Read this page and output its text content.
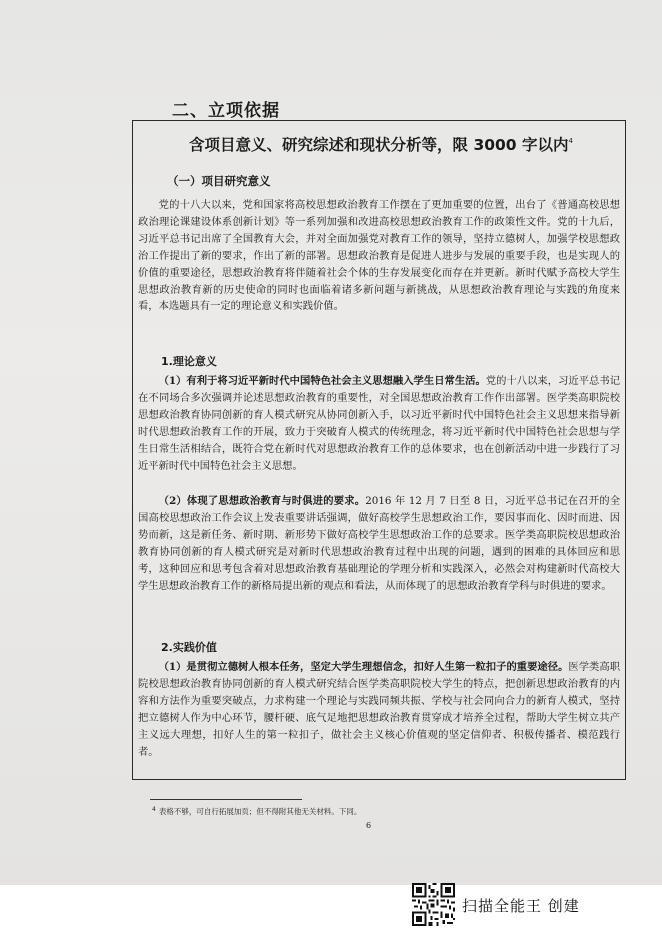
二、立项依据
含项目意义、研究综述和现状分析等，限 3000 字以内$^4$
（一）项目研究意义

党的十八大以来，党和国家将高校思想政治教育工作摆在了更加重要的位置，出台了《普通高校思想政治理论课建设体系创新计划》等一系列加强和改进高校思想政治教育工作的政策性文件。党的十九后，习近平总书记出席了全国教育大会，并对全面加强党对教育工作的领导，坚持立德树人，加强学校思想政治工作提出了新的要求，作出了新的部署。思想政治教育是促进人进步与发展的重要手段，也是实现人的价值的重要途径，思想政治教育将伴随着社会个体的生存发展变化而存在并更新。新时代赋予高校大学生思想政治教育新的历史使命的同时也面临着诸多新问题与新挑战，从思想政治教育理论与实践的角度来看，本选题具有一定的理论意义和实践价值。

1.理论意义

（1）有利于将习近平新时代中国特色社会主义思想融入学生日常生活。党的十八以来，习近平总书记在不同场合多次强调并论述思想政治教育的重要性，对全国思想政治教育工作作出部署。医学类高职院校思想政治教育协同创新的育人模式研究从协同创新入手，以习近平新时代中国特色社会主义思想来指导新时代思想政治教育工作的开展，致力于突破育人模式的传统理念，将习近平新时代中国特色社会思想与学生日常生活相结合，既符合党在新时代对思想政治教育工作的总体要求，也在创新活动中进一步践行了习近平新时代中国特色社会主义思想。

（2）体现了思想政治教育与时俱进的要求。2016 年 12 月 7 日至 8 日，习近平总书记在召开的全国高校思想政治工作会议上发表重要讲话强调，做好高校学生思想政治工作，要因事而化、因时而进、因势而新，这是新任务、新时期、新形势下做好高校学生思想政治工作的总要求。医学类高职院校思想政治教育协同创新的育人模式研究是对新时代思想政治教育过程中出现的问题，遇到的困难的具体回应和思考，这种回应和思考包含着对思想政治教育基础理论的学理分析和实践深入，必然会对构建新时代高校大学生思想政治教育工作的新格局提出新的观点和看法，从而体现了的思想政治教育学科与时俱进的要求。

2.实践价值

（1）是贯彻立德树人根本任务，坚定大学生理想信念，扣好人生第一粒扣子的重要途径。医学类高职院校思想政治教育协同创新的育人模式研究结合医学类高职院校大学生的特点，把创新思想政治教育的内容和方法作为重要突破点，力求构建一个理论与实践同频共振、学校与社会同向合力的新育人模式，坚持把立德树人作为中心环节，腰杆硬、底气足地把思想政治教育贯穿成才培养全过程，帮助大学生树立共产主义远大理想，扣好人生的第一粒扣子，做社会主义核心价值观的坚定信仰者、积极传播者、模范践行者。

$^4$ 表格不够，可自行拓展加页；但不得附其他无关材料。下同。
6
扫描全能王 创建
